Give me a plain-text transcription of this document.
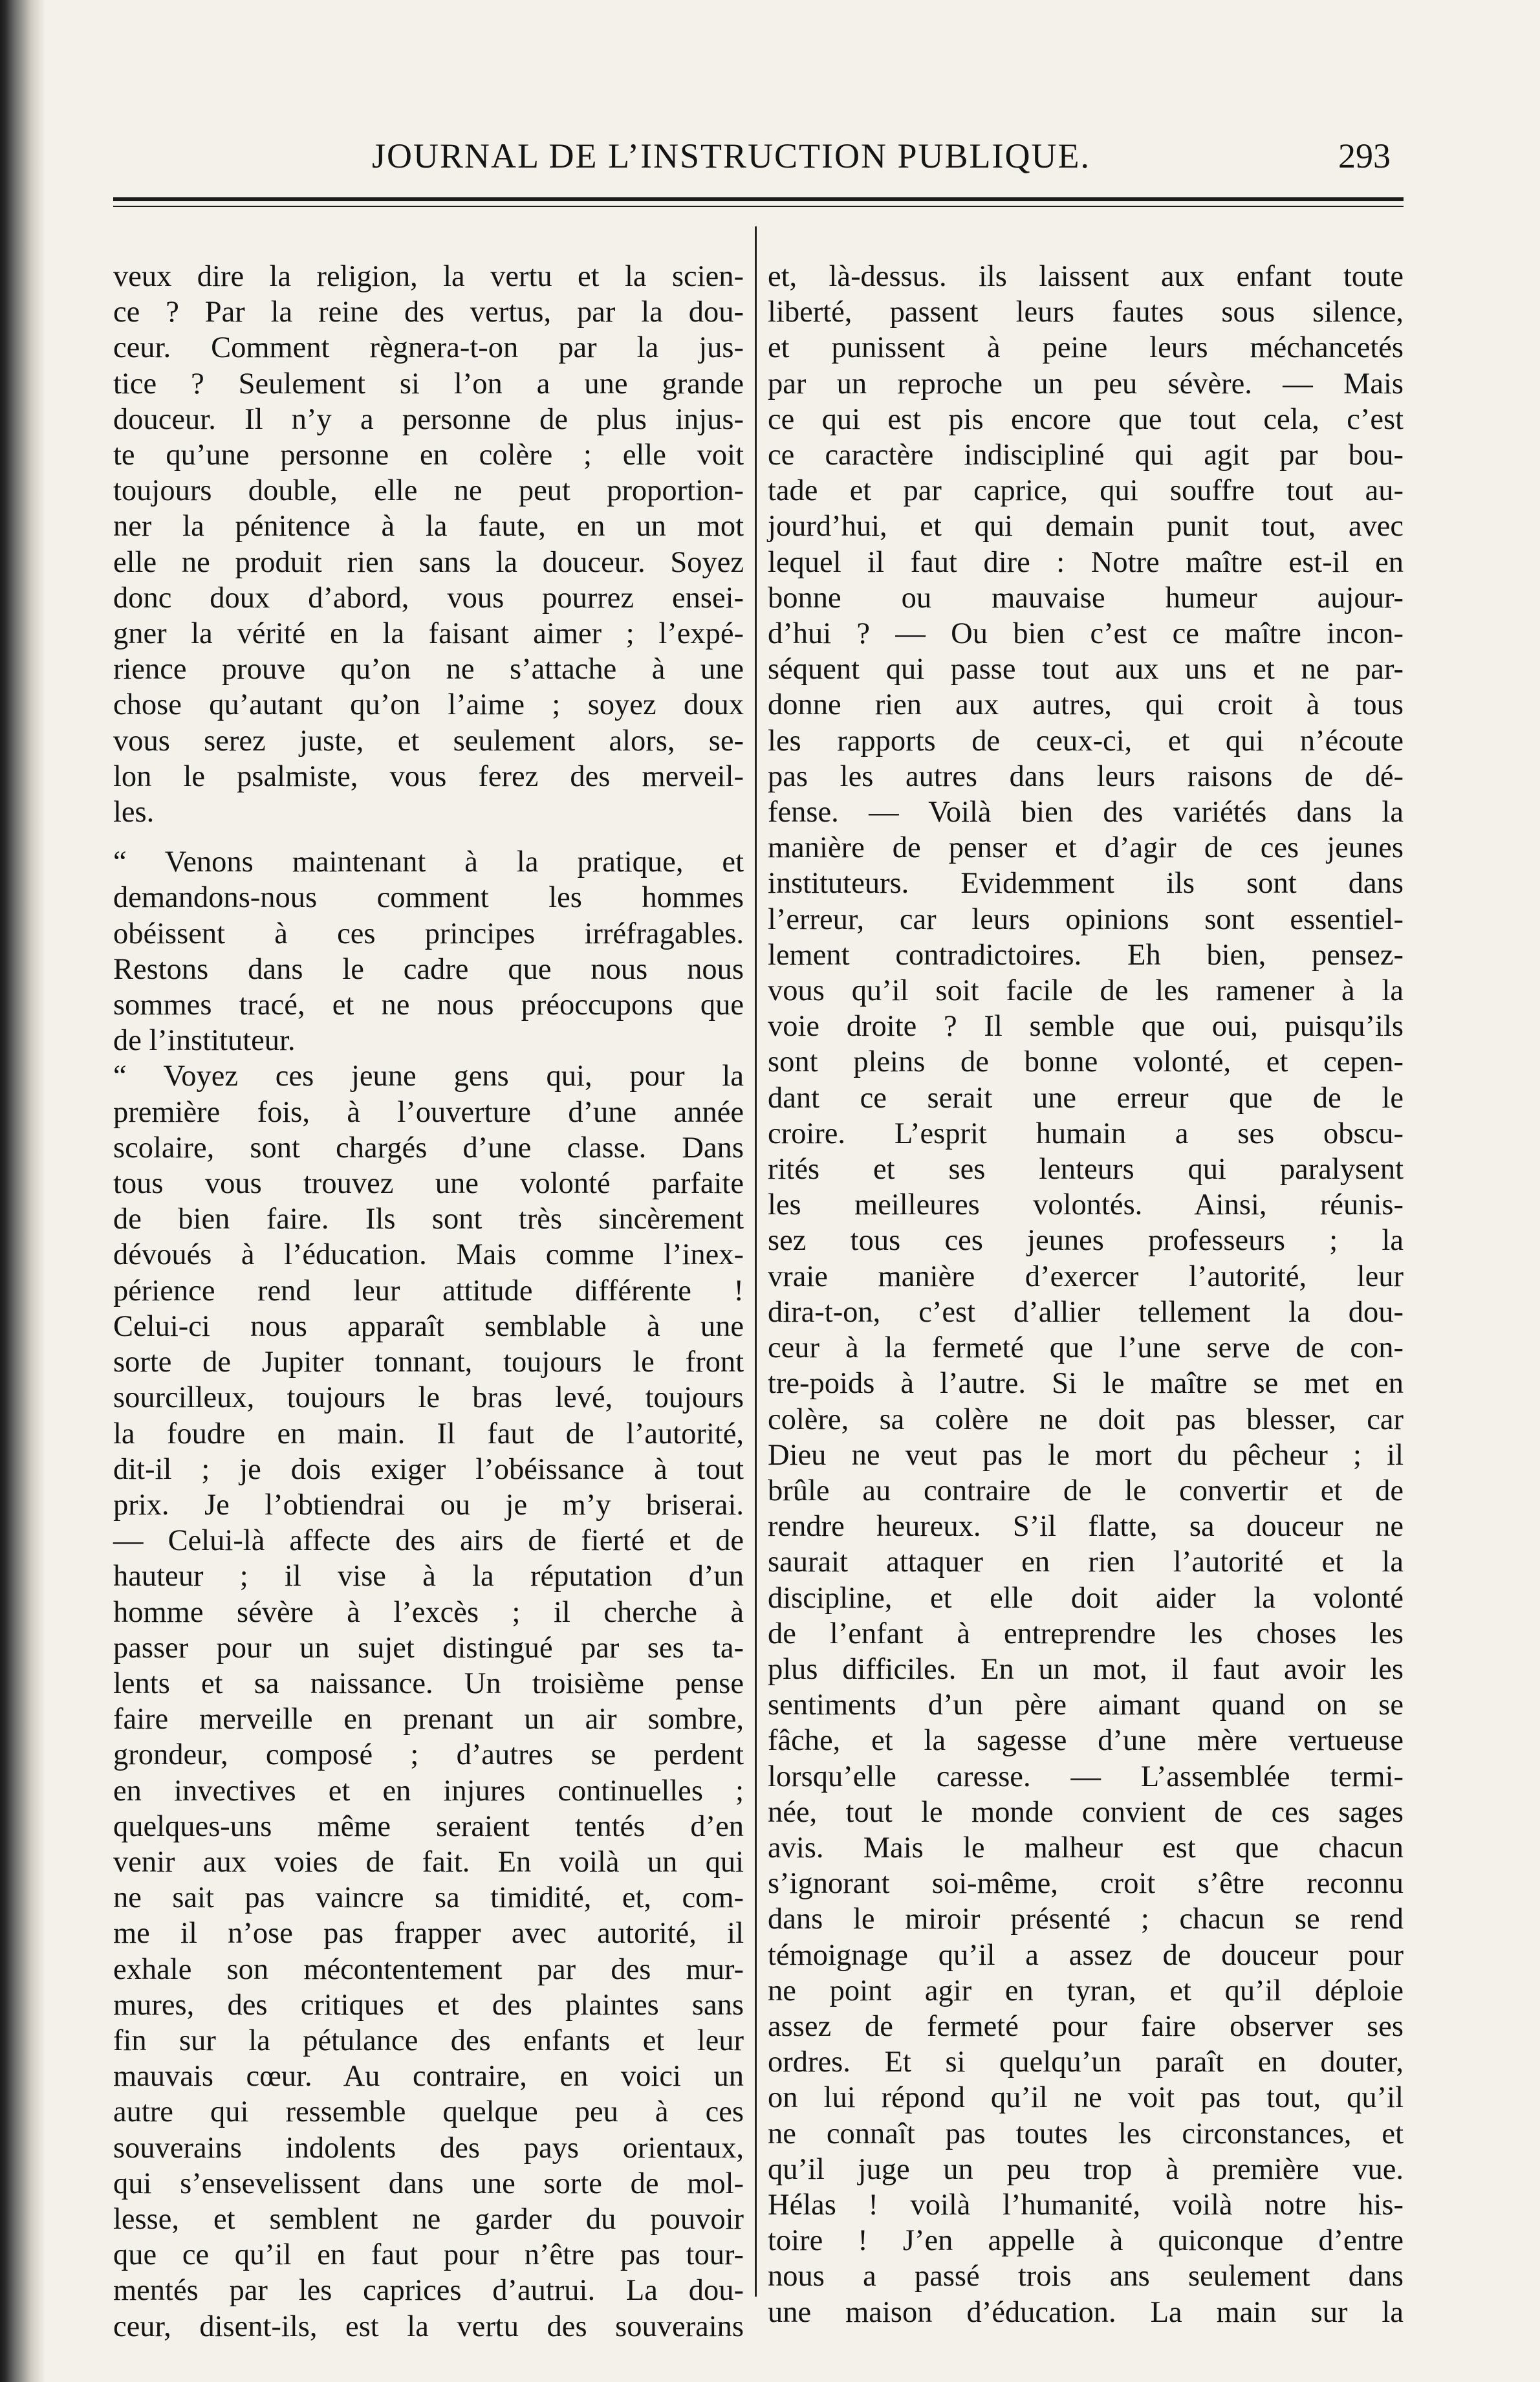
JOURNAL DE L’INSTRUCTION PUBLIQUE.	293
veux dire la religion, la vertu et la scien-
ce ? Par la reine des vertus, par la dou-
ceur. Comment règnera-t-on par la jus-
tice ? Seulement si l’on a une grande
douceur. Il n’y a personne de plus injus-
te qu’une personne en colère ; elle voit
toujours double, elle ne peut proportion-
ner la pénitence à la faute, en un mot
elle ne produit rien sans la douceur. Soyez
donc doux d’abord, vous pourrez ensei-
gner la vérité en la faisant aimer ; l’expé-
rience prouve qu’on ne s’attache à une
chose qu’autant qu’on l’aime ; soyez doux
vous serez juste, et seulement alors, se-
lon le psalmiste, vous ferez des merveil-
les.
“ Venons maintenant à la pratique, et
demandons-nous comment les hommes
obéissent à ces principes irréfragables.
Restons dans le cadre que nous nous
sommes tracé, et ne nous préoccupons que
de l’instituteur.
“ Voyez ces jeune gens qui, pour la
première fois, à l’ouverture d’une année
scolaire, sont chargés d’une classe. Dans
tous vous trouvez une volonté parfaite
de bien faire. Ils sont très sincèrement
dévoués à l’éducation. Mais comme l’inex-
périence rend leur attitude différente !
Celui-ci nous apparaît semblable à une
sorte de Jupiter tonnant, toujours le front
sourcilleux, toujours le bras levé, toujours
la foudre en main. Il faut de l’autorité,
dit-il ; je dois exiger l’obéissance à tout
prix. Je l’obtiendrai ou je m’y briserai.
— Celui-là affecte des airs de fierté et de
hauteur ; il vise à la réputation d’un
homme sévère à l’excès ; il cherche à
passer pour un sujet distingué par ses ta-
lents et sa naissance. Un troisième pense
faire merveille en prenant un air sombre,
grondeur, composé ; d’autres se perdent
en invectives et en injures continuelles ;
quelques-uns même seraient tentés d’en
venir aux voies de fait. En voilà un qui
ne sait pas vaincre sa timidité, et, com-
me il n’ose pas frapper avec autorité, il
exhale son mécontentement par des mur-
mures, des critiques et des plaintes sans
fin sur la pétulance des enfants et leur
mauvais cœur. Au contraire, en voici un
autre qui ressemble quelque peu à ces
souverains indolents des pays orientaux,
qui s’ensevelissent dans une sorte de mol-
lesse, et semblent ne garder du pouvoir
que ce qu’il en faut pour n’être pas tour-
mentés par les caprices d’autrui. La dou-
ceur, disent-ils, est la vertu des souverains
et, là-dessus. ils laissent aux enfant toute
liberté, passent leurs fautes sous silence,
et punissent à peine leurs méchancetés
par un reproche un peu sévère. — Mais
ce qui est pis encore que tout cela, c’est
ce caractère indiscipliné qui agit par bou-
tade et par caprice, qui souffre tout au-
jourd’hui, et qui demain punit tout, avec
lequel il faut dire : Notre maître est-il en
bonne ou mauvaise humeur aujour-
d’hui ? — Ou bien c’est ce maître incon-
séquent qui passe tout aux uns et ne par-
donne rien aux autres, qui croit à tous
les rapports de ceux-ci, et qui n’écoute
pas les autres dans leurs raisons de dé-
fense. — Voilà bien des variétés dans la
manière de penser et d’agir de ces jeunes
instituteurs. Evidemment ils sont dans
l’erreur, car leurs opinions sont essentiel-
lement contradictoires. Eh bien, pensez-
vous qu’il soit facile de les ramener à la
voie droite ? Il semble que oui, puisqu’ils
sont pleins de bonne volonté, et cepen-
dant ce serait une erreur que de le
croire. L’esprit humain a ses obscu-
rités et ses lenteurs qui paralysent
les meilleures volontés. Ainsi, réunis-
sez tous ces jeunes professeurs ; la
vraie manière d’exercer l’autorité, leur
dira-t-on, c’est d’allier tellement la dou-
ceur à la fermeté que l’une serve de con-
tre-poids à l’autre. Si le maître se met en
colère, sa colère ne doit pas blesser, car
Dieu ne veut pas le mort du pêcheur ; il
brûle au contraire de le convertir et de
rendre heureux. S’il flatte, sa douceur ne
saurait attaquer en rien l’autorité et la
discipline, et elle doit aider la volonté
de l’enfant à entreprendre les choses les
plus difficiles. En un mot, il faut avoir les
sentiments d’un père aimant quand on se
fâche, et la sagesse d’une mère vertueuse
lorsqu’elle caresse. — L’assemblée termi-
née, tout le monde convient de ces sages
avis. Mais le malheur est que chacun
s’ignorant soi-même, croit s’être reconnu
dans le miroir présenté ; chacun se rend
témoignage qu’il a assez de douceur pour
ne point agir en tyran, et qu’il déploie
assez de fermeté pour faire observer ses
ordres. Et si quelqu’un paraît en douter,
on lui répond qu’il ne voit pas tout, qu’il
ne connaît pas toutes les circonstances, et
qu’il juge un peu trop à première vue.
Hélas ! voilà l’humanité, voilà notre his-
toire ! J’en appelle à quiconque d’entre
nous a passé trois ans seulement dans
une maison d’éducation. La main sur la
